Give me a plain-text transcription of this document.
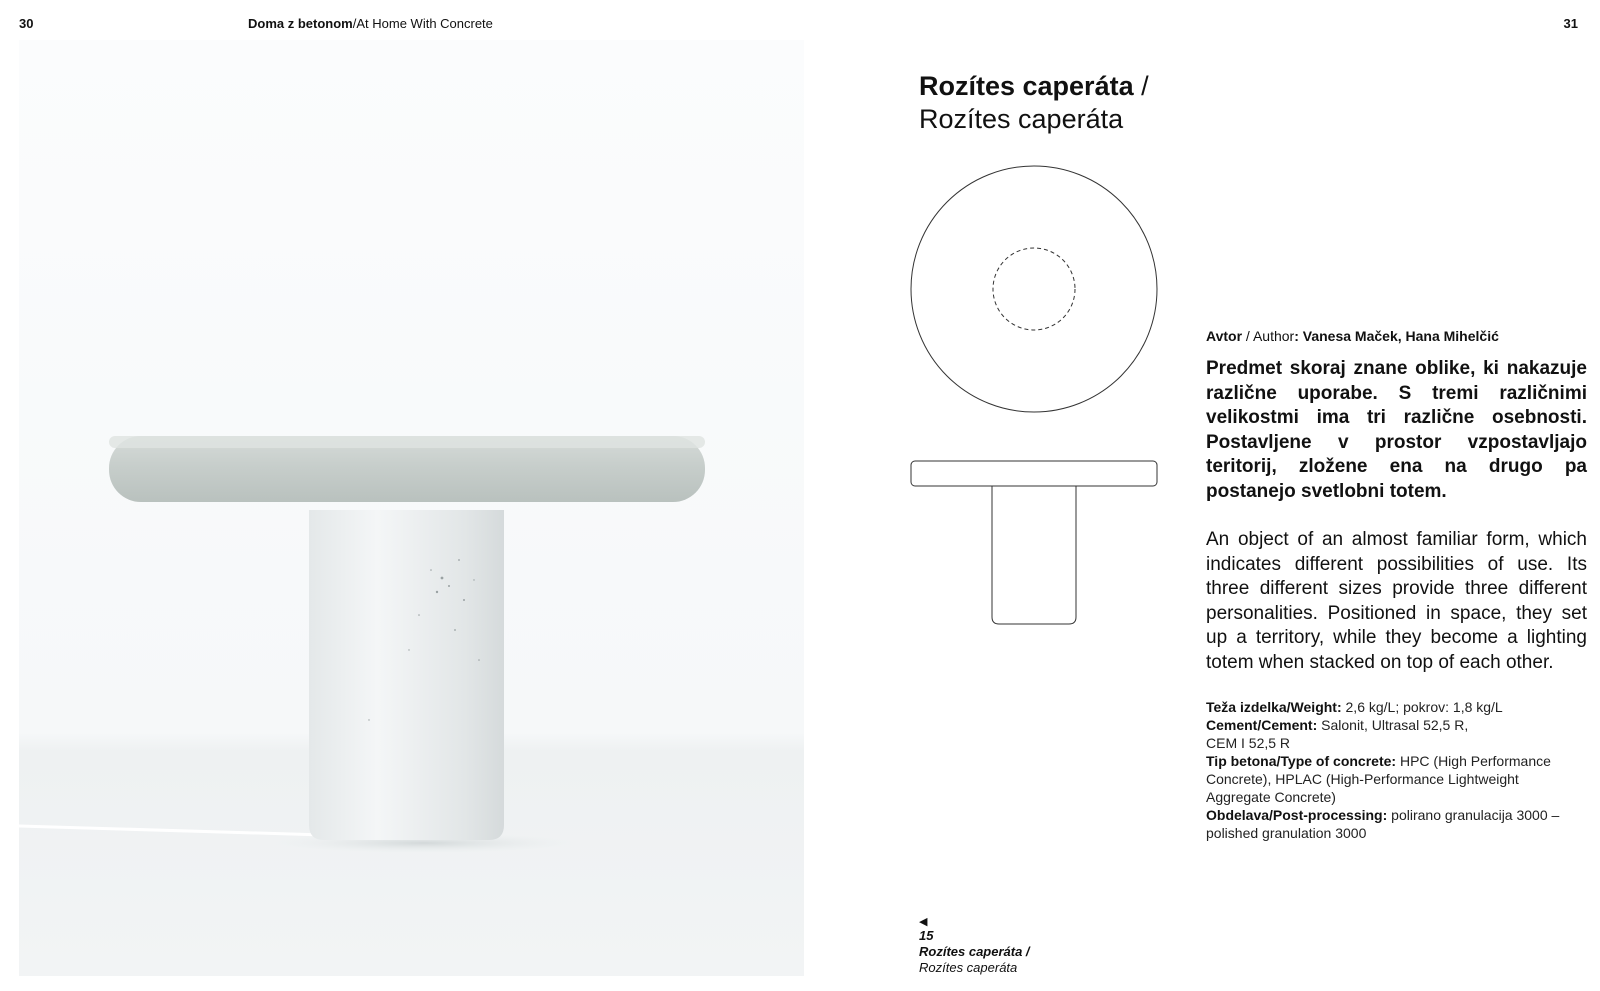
30	Doma z betonom/At Home With Concrete	31
Rozítes caperáta /
Rozítes caperáta
Avtor / Author: Vanesa Maček, Hana Mihelčić
Predmet skoraj znane oblike, ki nakazuje različne uporabe. S tremi različnimi velikostmi ima tri različne osebnosti. Postavljene v prostor vzpostavljajo teritorij, zložene ena na drugo pa postanejo svetlobni totem.
An object of an almost familiar form, which indicates different possibilities of use. Its three different sizes provide three different personalities. Positioned in space, they set up a territory, while they become a lighting totem when stacked on top of each other.

Teža izdelka/Weight: 2,6 kg/L; pokrov: 1,8 kg/L

Cement/Cement: Salonit, Ultrasal 52,5 R, CEM I 52,5 R

Tip betona/Type of concrete: HPC (High Performance Concrete), HPLAC (High-Performance Lightweight Aggregate Concrete)

Obdelava/Post-processing: polirano granulacija 3000 – polished granulation 3000

◀
15
Rozítes caperáta /
Rozítes caperáta
